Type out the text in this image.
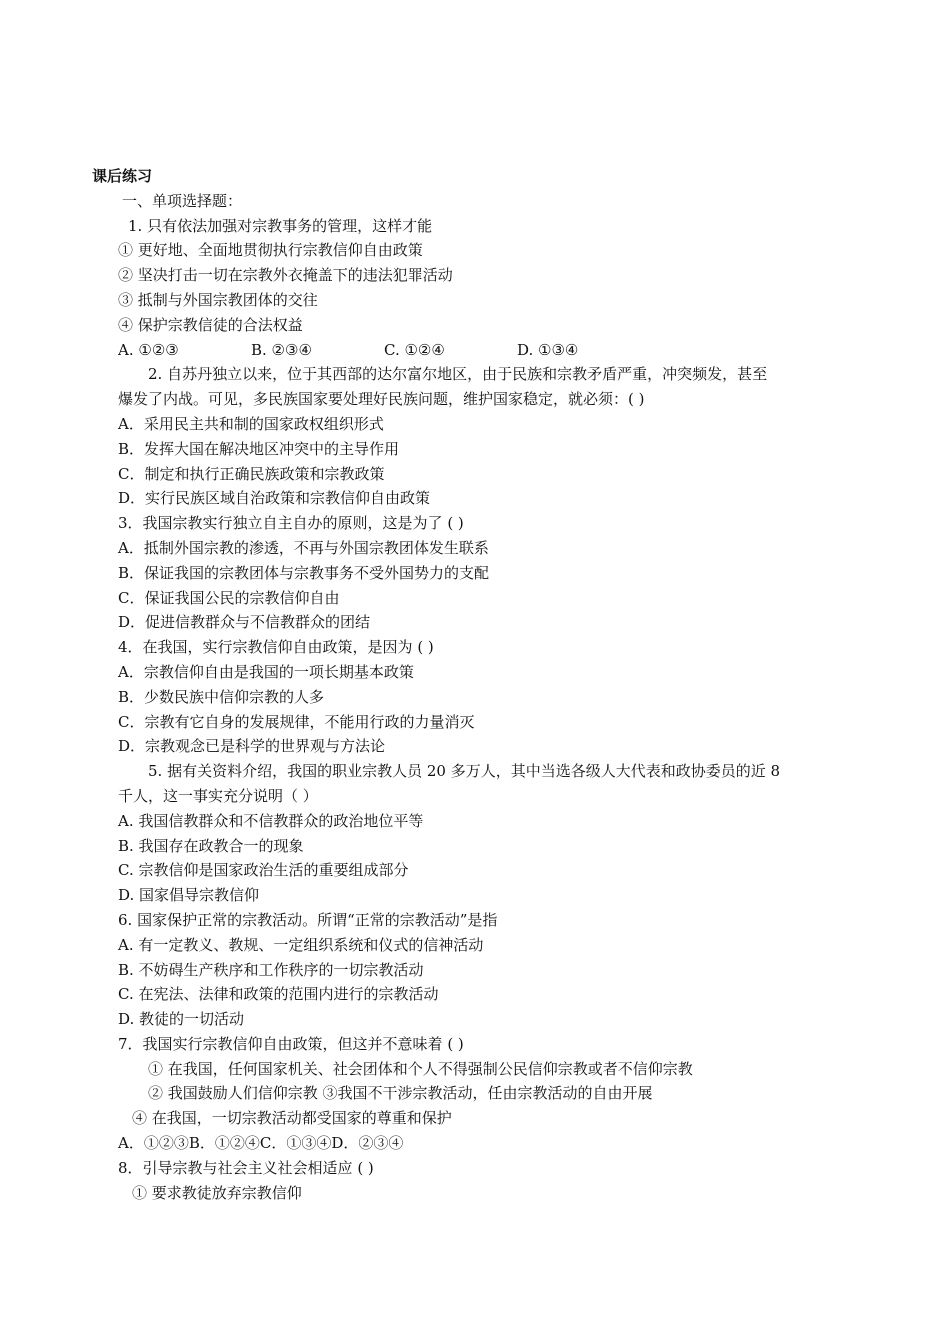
课后练习
一、单项选择题：
1. 只有依法加强对宗教事务的管理，这样才能
① 更好地、全面地贯彻执行宗教信仰自由政策
② 坚决打击一切在宗教外衣掩盖下的违法犯罪活动
③ 抵制与外国宗教团体的交往
④ 保护宗教信徒的合法权益
A. ①②③	B. ②③④	C. ①②④	D. ①③④
2. 自苏丹独立以来，位于其西部的达尔富尔地区，由于民族和宗教矛盾严重，冲突频发，甚至
爆发了内战。可见，多民族国家要处理好民族问题，维护国家稳定，就必须：( )
A．采用民主共和制的国家政权组织形式
B．发挥大国在解决地区冲突中的主导作用
C．制定和执行正确民族政策和宗教政策
D．实行民族区域自治政策和宗教信仰自由政策
3．我国宗教实行独立自主自办的原则，这是为了 ( )
A．抵制外国宗教的渗透，不再与外国宗教团体发生联系
B．保证我国的宗教团体与宗教事务不受外国势力的支配
C．保证我国公民的宗教信仰自由
D．促进信教群众与不信教群众的团结
4．在我国，实行宗教信仰自由政策，是因为 ( )
A．宗教信仰自由是我国的一项长期基本政策
B．少数民族中信仰宗教的人多
C．宗教有它自身的发展规律，不能用行政的力量消灭
D．宗教观念已是科学的世界观与方法论
5. 据有关资料介绍，我国的职业宗教人员 20 多万人，其中当选各级人大代表和政协委员的近 8
千人，这一事实充分说明（ ）
A. 我国信教群众和不信教群众的政治地位平等
B. 我国存在政教合一的现象
C. 宗教信仰是国家政治生活的重要组成部分
D. 国家倡导宗教信仰
6. 国家保护正常的宗教活动。所谓“正常的宗教活动”是指
A. 有一定教义、教规、一定组织系统和仪式的信神活动
B. 不妨碍生产秩序和工作秩序的一切宗教活动
C. 在宪法、法律和政策的范围内进行的宗教活动
D. 教徒的一切活动
7．我国实行宗教信仰自由政策，但这并不意味着 ( )
① 在我国，任何国家机关、社会团体和个人不得强制公民信仰宗教或者不信仰宗教
② 我国鼓励人们信仰宗教 ③我国不干涉宗教活动，任由宗教活动的自由开展
④ 在我国，一切宗教活动都受国家的尊重和保护
A．①②③B．①②④C．①③④D．②③④
8．引导宗教与社会主义社会相适应 ( )
① 要求教徒放弃宗教信仰
